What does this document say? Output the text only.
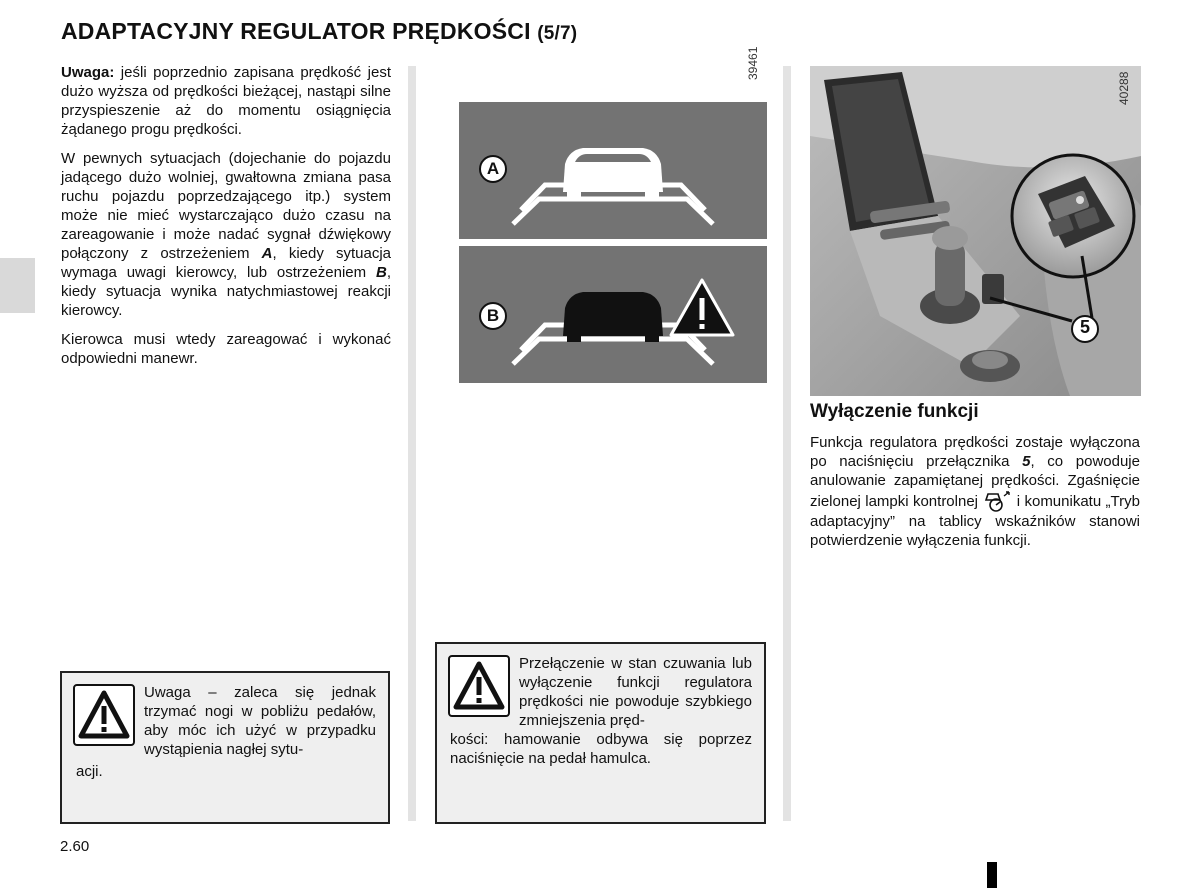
ADAPTACYJNY REGULATOR PRĘDKOŚCI (5/7)

Uwaga: jeśli poprzednio zapisana prędkość jest dużo wyższa od prędkości bieżącej, nastąpi silne przyspieszenie aż do momentu osiągnięcia żądanego progu prędkości.

W pewnych sytuacjach (dojechanie do pojazdu jadącego dużo wolniej, gwałtowna zmiana pasa ruchu pojazdu poprzedzającego itp.) system może nie mieć wystarczająco dużo czasu na zareagowanie i może nadać sygnał dźwiękowy połączony z ostrzeżeniem A, kiedy sytuacja wymaga uwagi kierowcy, lub ostrzeżeniem B, kiedy sytuacja wynika natychmiastowej reakcji kierowcy.

Kierowca musi wtedy zareagować i wykonać odpowiedni manewr.

Uwaga – zaleca się jednak trzymać nogi w pobliżu pedałów, aby móc ich użyć w przypadku wystąpienia nagłej sytu-
acji.
39461
A
B
Przełączenie w stan czuwania lub wyłączenie funkcji regulatora prędkości nie powoduje szybkiego zmniejszenia pręd-
kości: hamowanie odbywa się poprzez naciśnięcie na pedał hamulca.
5
40288
Wyłączenie funkcji

Funkcja regulatora prędkości zostaje wyłączona po naciśnięciu przełącznika 5, co powoduje anulowanie zapamiętanej prędkości. Zgaśnięcie zielonej lampki kontrolnej  i komunikatu „Tryb adaptacyjny” na tablicy wskaźników stanowi potwierdzenie wyłączenia funkcji.

2.60
